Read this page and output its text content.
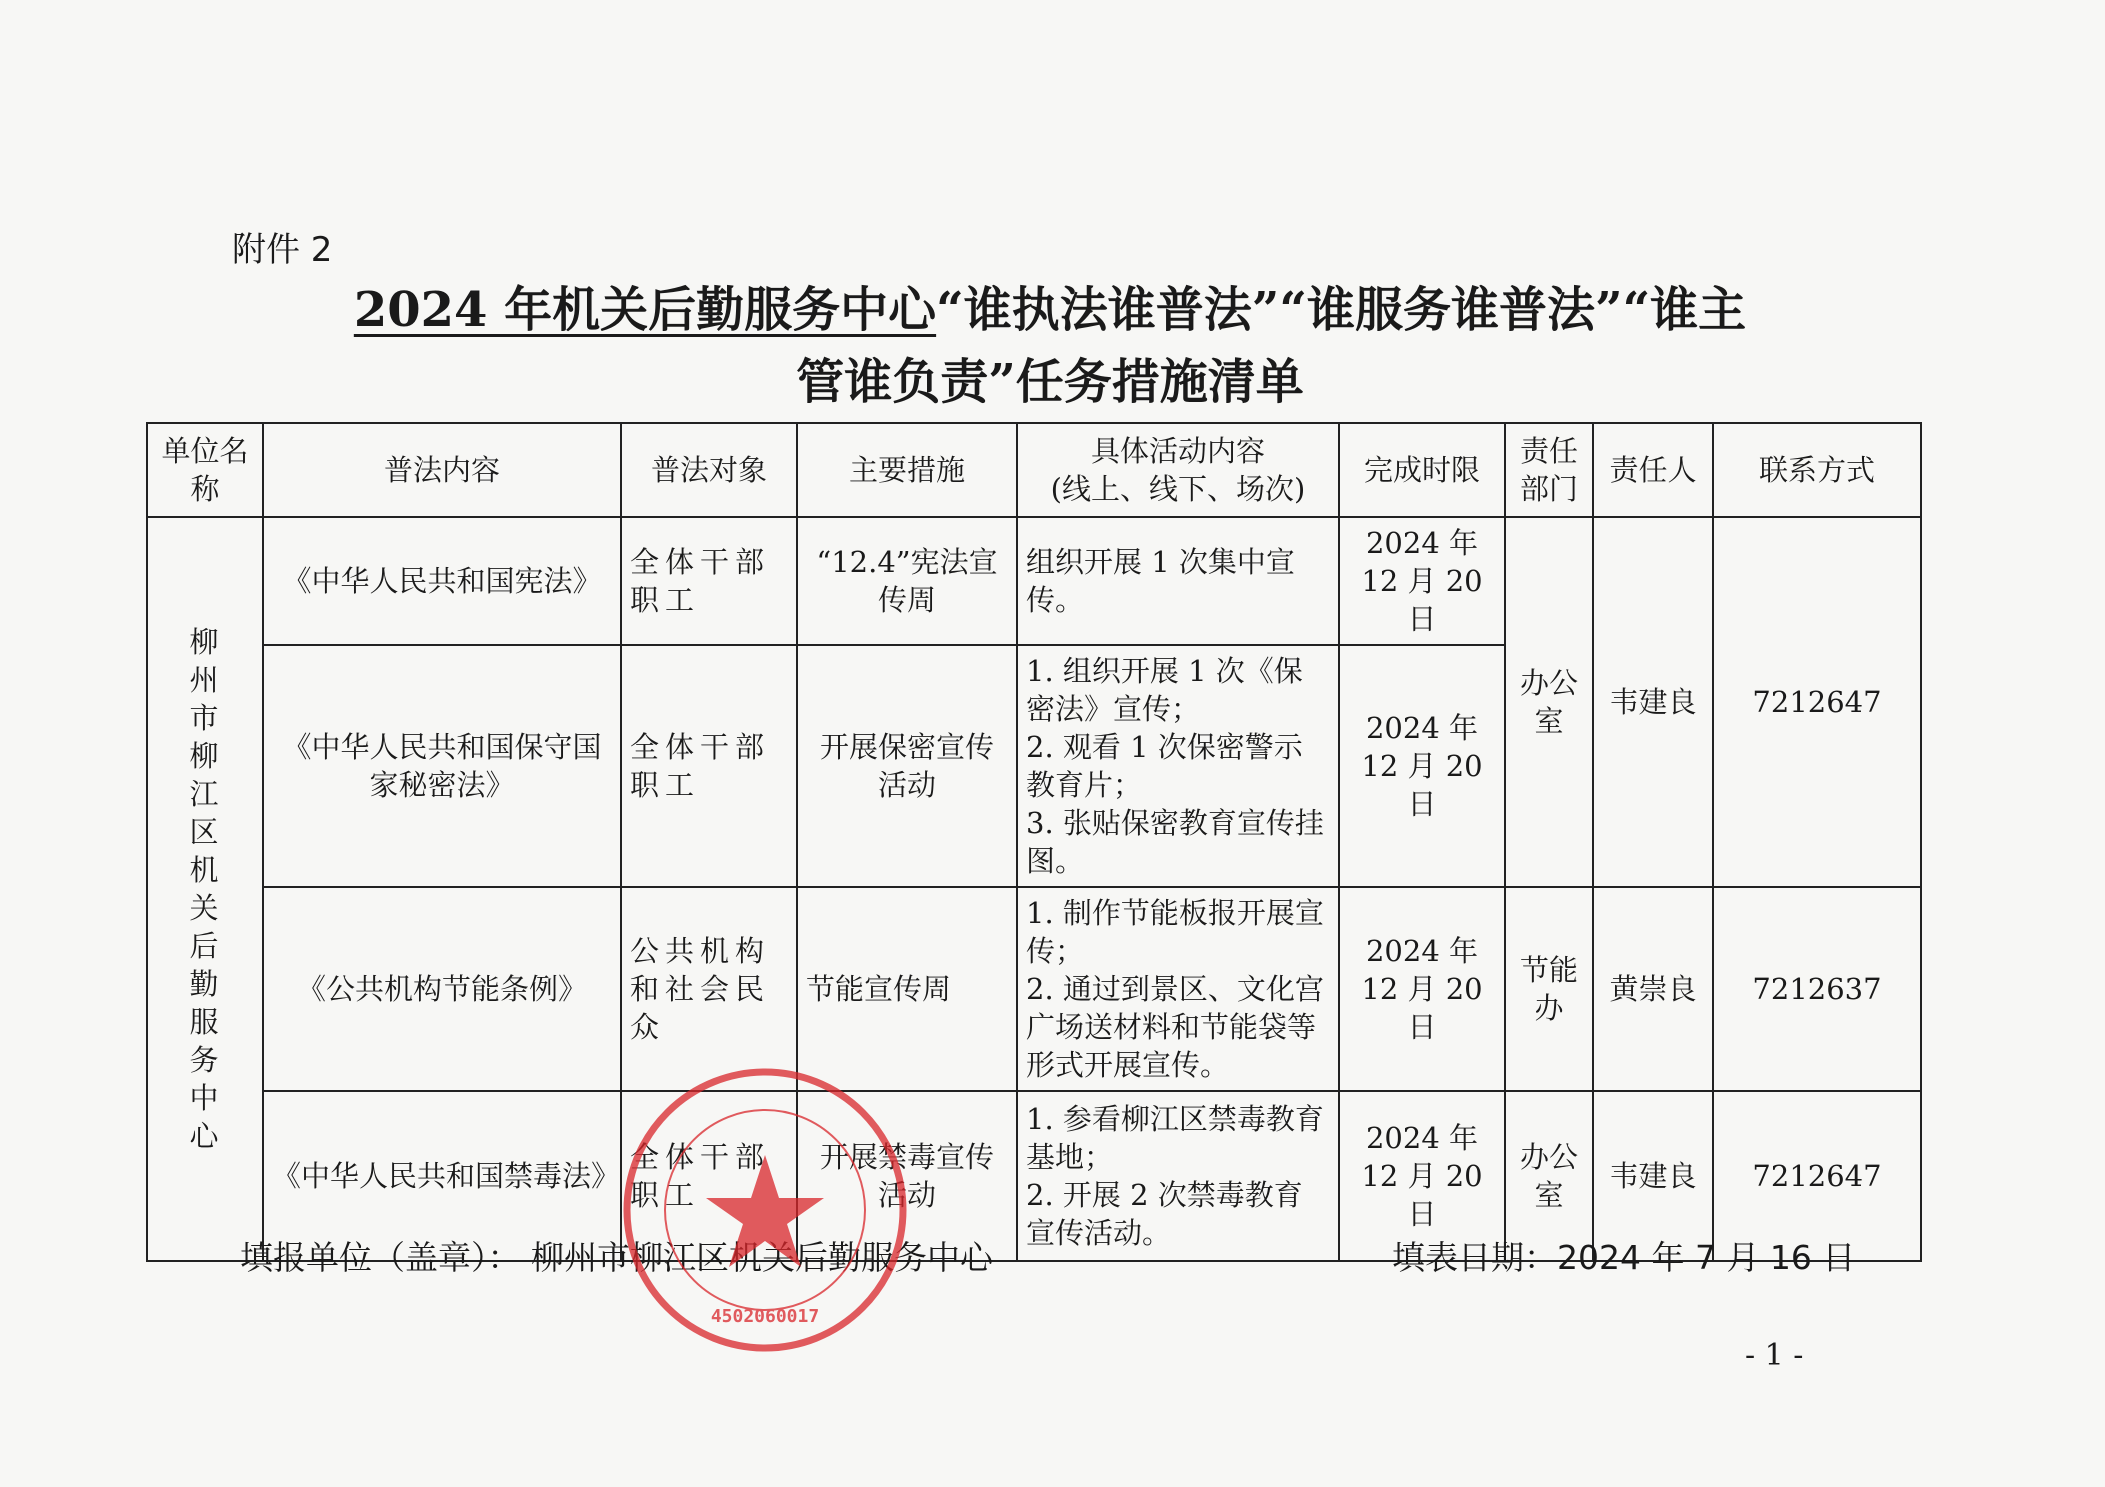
附件 2
2024 年机关后勤服务中心“谁执法谁普法”“谁服务谁普法”“谁主
管谁负责”任务措施清单
单位名称	普法内容	普法对象	主要措施	具体活动内容
(线上、线下、场次)	完成时限	责任部门	责任人	联系方式
柳州市柳江区机关后勤服务中心	《中华人民共和国宪法》	全体干部职工	“12.4”宪法宣传周	组织开展 1 次集中宣传。	2024 年 12 月 20 日	办公室	韦建良	7212647
	《中华人民共和国保守国家秘密法》	全体干部职工	开展保密宣传活动	1. 组织开展 1 次《保密法》宣传；
2. 观看 1 次保密警示教育片；
3. 张贴保密教育宣传挂图。	2024 年 12 月 20 日			
	《公共机构节能条例》	公共机构和社会民众	节能宣传周	1. 制作节能板报开展宣传；
2. 通过到景区、文化宫广场送材料和节能袋等形式开展宣传。	2024 年 12 月 20 日	节能办	黄崇良	7212637
	《中华人民共和国禁毒法》	全体干部职工	开展禁毒宣传活动	1. 参看柳江区禁毒教育基地；
2. 开展 2 次禁毒教育宣传活动。	2024 年 12 月 20 日	办公室	韦建良	7212647
填报单位（盖章）： 柳州市柳江区机关后勤服务中心	填表日期：2024 年 7 月 16 日
- 1 -
4502060017
